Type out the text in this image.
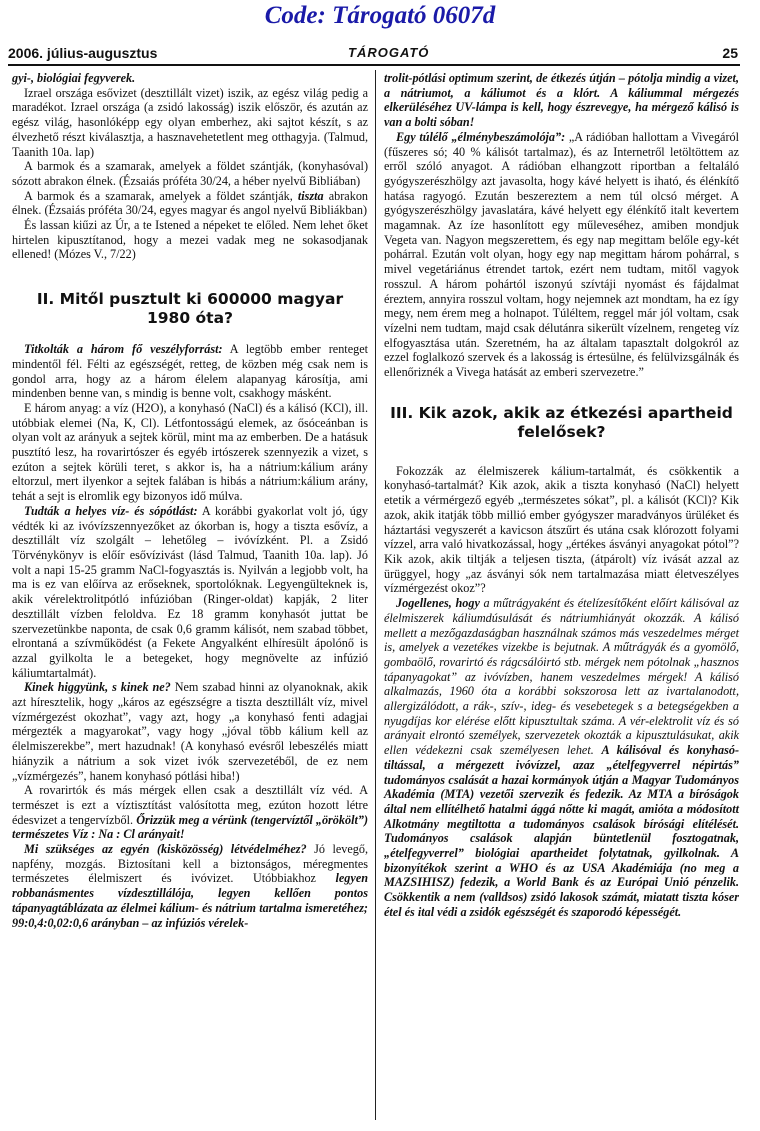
Code: Tárogató 0607d
2006. július-augusztus	TÁROGATÓ	25

gyi-, biológiai fegyverek.

Izrael országa esővizet (desztillált vizet) iszik, az egész világ pedig a maradékot. Izrael országa (a zsidó lakosság) iszik először, és azután az egész világ, hasonlóképp egy olyan emberhez, aki sajtot készít, s az élvezhető részt kiválasztja, a hasznavehetetlent meg otthagyja. (Talmud, Taanith 10a. lap)

A barmok és a szamarak, amelyek a földet szántják, (konyhasóval) sózott abrakon élnek. (Ézsaiás próféta 30/24, a héber nyelvű Bibliában)

A barmok és a szamarak, amelyek a földet szántják, tiszta abrakon élnek. (Ézsaiás próféta 30/24, egyes magyar és angol nyelvű Bibliákban)

És lassan kiűzi az Úr, a te Istened a népeket te előled. Nem lehet őket hirtelen kipusztítanod, hogy a mezei vadak meg ne sokasodjanak ellened! (Mózes V., 7/22)

II. Mitől pusztult ki 600000 magyar 1980 óta?

Titkolták a három fő veszélyforrást: A legtöbb ember renteget mindentől fél. Félti az egészségét, retteg, de közben még csak nem is gondol arra, hogy az a három élelem alapanyag károsítja, ami mindenben benne van, s mindig is benne volt, csakhogy másként.

E három anyag: a víz (H2O), a konyhasó (NaCl) és a kálisó (KCl), ill. utóbbiak elemei (Na, K, Cl). Létfontosságú elemek, az ősóceánban is olyan volt az arányuk a sejtek körül, mint ma az emberben. De a hatásuk pusztító lesz, ha rovarirtószer és egyéb irtószerek szennyezik a vizet, s ezúton a sejtek körüli teret, s akkor is, ha a nátrium:kálium arány eltorzul, mert ilyenkor a sejtek falában is hibás a nátrium:kálium arány, tehát a sejt is elromlik egy bizonyos idő múlva.

Tudták a helyes víz- és sópótlást: A korábbi gyakorlat volt jó, úgy védték ki az ivóvízszennyezőket az ókorban is, hogy a tiszta esővíz, a desztillált víz szolgált – lehetőleg – ivóvízként. Pl. a Zsidó Törvénykönyv is előír esővízivást (lásd Talmud, Taanith 10a. lap). Jó volt a napi 15-25 gramm NaCl-fogyasztás is. Nyilván a legjobb volt, ha ma is ez van előírva az erőseknek, sportolóknak. Legyengülteknek is, akik vérelektrolitpótló infúzióban (Ringer-oldat) kapják, 2 liter desztillált vízben feloldva. Ez 18 gramm konyhasót juttat be szervezetünkbe naponta, de csak 0,6 gramm kálisót, nem szabad többet, elrontaná a szívműködést (a Fekete Angyalként elhíresült ápolónő is azzal gyilkolta le a betegeket, hogy megnövelte az infúzió káliumtartalmát).

Kinek higgyünk, s kinek ne? Nem szabad hinni az olyanoknak, akik azt híresztelik, hogy „káros az egészségre a tiszta desztillált víz, mivel vízmérgezést okozhat”, vagy azt, hogy „a konyhasó fenti adagjai mérgezték a magyarokat”, vagy hogy „jóval több kálium kell az élelmiszerekbe”, mert hazudnak! (A konyhasó evésről lebeszélés miatt hiányzik a nátrium a sok vizet ivók szervezetéből, de ez nem „vízmérgezés”, hanem konyhasó pótlási hiba!)

A rovarirtók és más mérgek ellen csak a desztillált víz véd. A természet is ezt a víztisztítást valósította meg, ezúton hozott létre édesvizet a tengervízből. Őrizzük meg a vérünk (tengervíztől „örökölt”) természetes Víz : Na : Cl arányait!

Mi szükséges az egyén (kisközösség) létvédelméhez? Jó levegő, napfény, mozgás. Biztosítani kell a biztonságos, méregmentes természetes élelmiszert és ivóvizet. Utóbbiakhoz legyen robbanásmentes vízdesztillálója, legyen kellően pontos tápanyagtáblázata az élelmei kálium- és nátrium tartalma ismeretéhez; 99:0,4:0,02:0,6 arányban – az infúziós vérelek-

trolit-pótlási optimum szerint, de étkezés útján – pótolja mindig a vizet, a nátriumot, a káliumot és a klórt. A káliummal mérgezés elkerüléséhez UV-lámpa is kell, hogy észrevegye, ha mérgező kálisó is van a bolti sóban!

Egy túlélő „élménybeszámolója”: „A rádióban hallottam a Vivegáról (fűszeres só; 40 % kálisót tartalmaz), és az Internetről letöltöttem az erről szóló anyagot. A rádióban elhangzott riportban a feltaláló gyógyszerészhölgy azt javasolta, hogy kávé helyett is iható, és élénkítő hatása ragyogó. Ezután beszereztem a nem túl olcsó mérget. A gyógyszerészhölgy javaslatára, kávé helyett egy élénkítő italt kevertem magamnak. Az íze hasonlított egy műleveséhez, amiben mondjuk Vegeta van. Nagyon megszerettem, és egy nap megittam belőle egy-két pohárral. Ezután volt olyan, hogy egy nap megittam három pohárral, s mivel vegetáriánus étrendet tartok, ezért nem tudtam, mitől vagyok rosszul. A három pohártól iszonyú szívtáji nyomást és fájdalmat éreztem, annyira rosszul voltam, hogy nejemnek azt mondtam, ha ez így megy, nem érem meg a holnapot. Túléltem, reggel már jól voltam, csak vízelni nem tudtam, majd csak délutánra sikerült vízelnem, rengeteg víz elfogyasztása után. Szeretném, ha az általam tapasztalt dolgokról az ezzel foglalkozó szervek és a lakosság is értesülne, és felülvizsgálnák és ellenőriznék a Vivega hatását az emberi szervezetre.”

III. Kik azok, akik az étkezési apartheid felelősek?

Fokozzák az élelmiszerek kálium-tartalmát, és csökkentik a konyhasó-tartalmát? Kik azok, akik a tiszta konyhasó (NaCl) helyett etetik a vérmérgező egyéb „természetes sókat”, pl. a kálisót (KCl)? Kik azok, akik itatják több millió ember gyógyszer maradványos ürüléket és háztartási vegyszerét a kavicson átszűrt és utána csak klórozott folyami vízzel, arra való hivatkozással, hogy „értékes ásványi anyagokat pótol”? Kik azok, akik tiltják a teljesen tiszta, (átpárolt) víz ivását azzal az ürüggyel, hogy „az ásványi sók nem tartalmazása miatt életveszélyes vízmérgezést okoz”?

Jogellenes, hogy a műtrágyaként és ételízesítőként előírt kálisóval az élelmiszerek káliumdúsulását és nátriumhiányát okozzák. A kálisó mellett a mezőgazdaságban használnak számos más veszedelmes mérget is, amelyek a vezetékes vizekbe is bejutnak. A műtrágyák és a gyomölő, gombaölő, rovarirtó és rágcsálóirtó stb. mérgek nem pótolnak „hasznos tápanyagokat” az ivóvízben, hanem veszedelmes mérgek! A kálisó alkalmazás, 1960 óta a korábbi sokszorosa lett az ivartalanodott, allergizálódott, a rák-, szív-, ideg- és vesebetegek s a betegségekben a nyugdíjas kor elérése előtt kipusztultak száma. A vér-elektrolit víz és só arányait elrontó személyek, szervezetek okozták a kipusztulásukat, akik ellen védekezni csak személyesen lehet. A kálisóval és konyhasó-tiltással, a mérgezett ivóvízzel, azaz „ételfegyverrel népirtás” tudományos csalását a hazai kormányok útján a Magyar Tudományos Akadémia (MTA) vezetői szervezik és fedezik. Az MTA a bíróságok által nem ellítélhető hatalmi ággá nőtte ki magát, amióta a módosított Alkotmány megtiltotta a tudományos csalások bírósági elítélését. Tudományos csalások alapján büntetlenül fosztogatnak, „ételfegyverrel” biológiai apartheidet folytatnak, gyilkolnak. A bizonyítékok szerint a WHO és az USA Akadémiája (no meg a MAZSIHISZ) fedezik, a World Bank és az Európai Unió pénzelik. Csökkentik a nem (valldsos) zsidó lakosok számát, miatatt tiszta kóser étel és ital védi a zsidók egészségét és szaporodó képességét.
